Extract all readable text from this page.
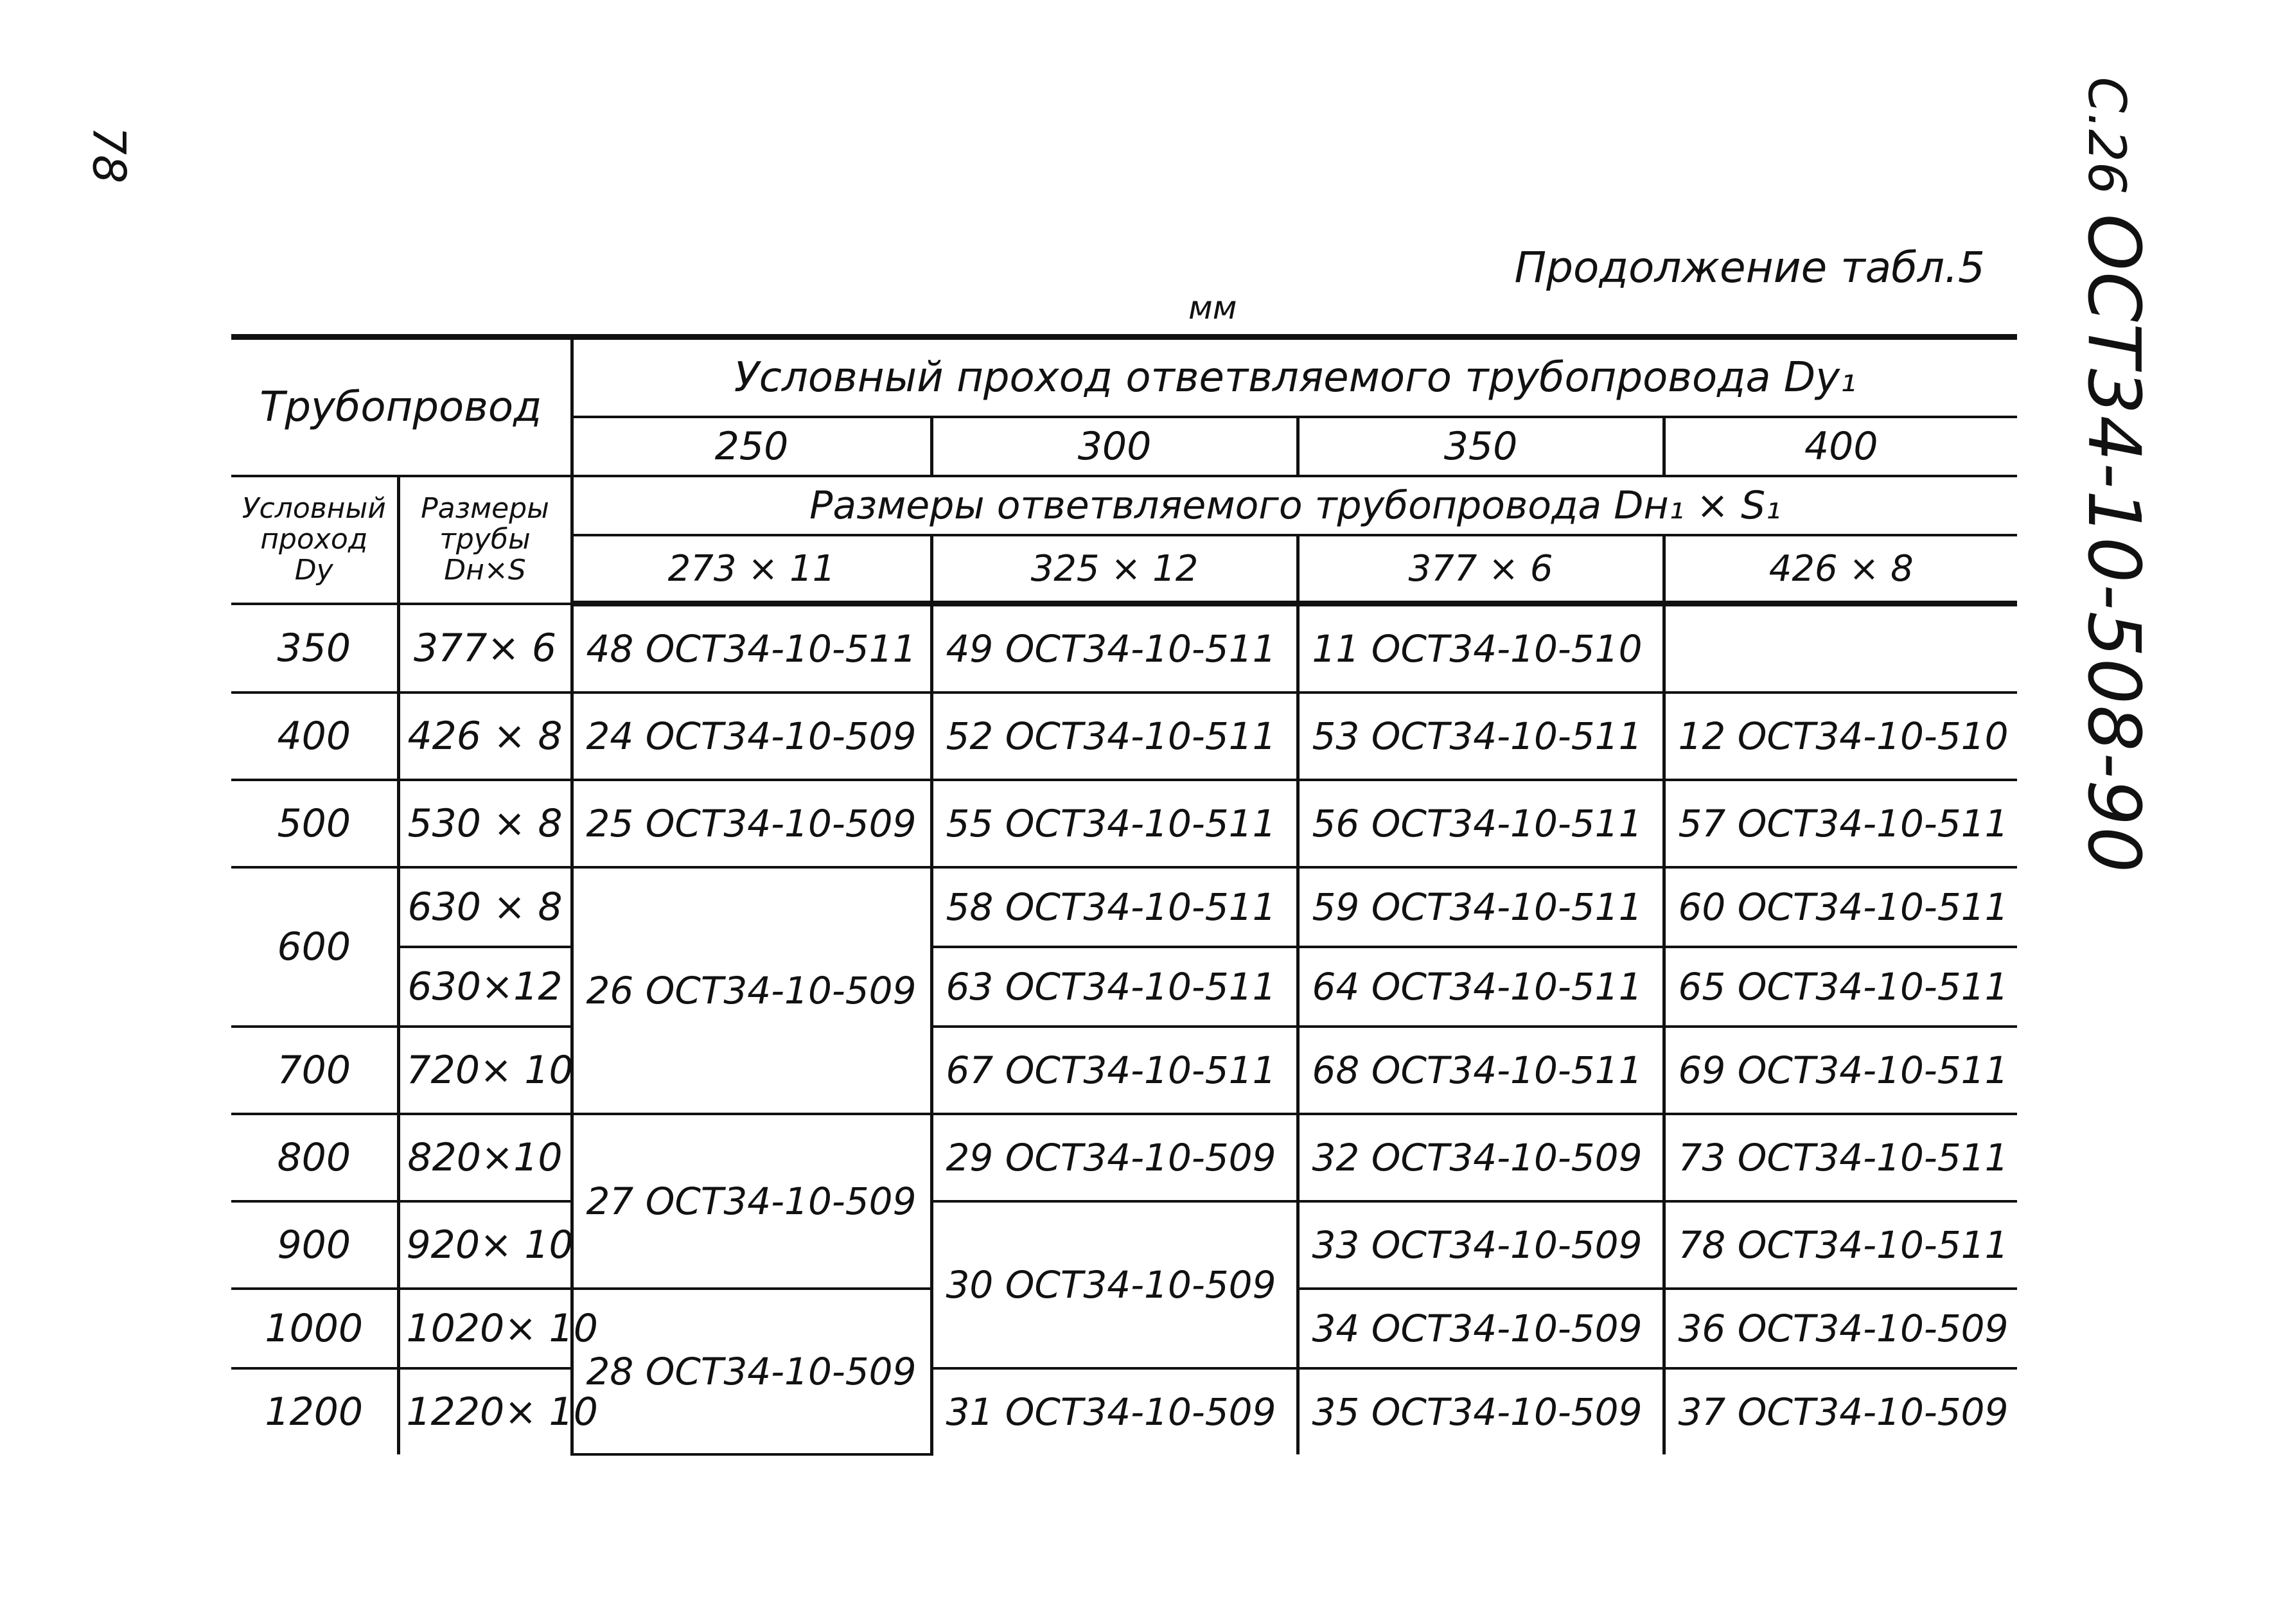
78	С.26
ОСТ34-10-508-90
Продолжение табл.5
мм
Трубопровод		Условный проход ответвляемого трубопровода Dу₁			
		250	300	350	400
Условный проход Dу	Размеры трубы Dн×S	Размеры ответвляемого трубопровода Dн₁ × S₁			
		273 × 11	325 × 12	377 × 6	426 × 8
350	377× 6	48 ОСТ34-10-511	49 ОСТ34-10-511	11 ОСТ34-10-510	
400	426 × 8	24 ОСТ34-10-509	52 ОСТ34-10-511	53 ОСТ34-10-511	12 ОСТ34-10-510
500	530 × 8	25 ОСТ34-10-509	55 ОСТ34-10-511	56 ОСТ34-10-511	57 ОСТ34-10-511
600	630 × 8	26 ОСТ34-10-509	58 ОСТ34-10-511	59 ОСТ34-10-511	60 ОСТ34-10-511
	630×12		63 ОСТ34-10-511	64 ОСТ34-10-511	65 ОСТ34-10-511
700	720× 10		67 ОСТ34-10-511	68 ОСТ34-10-511	69 ОСТ34-10-511
800	820×10	27 ОСТ34-10-509	29 ОСТ34-10-509	32 ОСТ34-10-509	73 ОСТ34-10-511
900	920× 10		30 ОСТ34-10-509	33 ОСТ34-10-509	78 ОСТ34-10-511
1000	1020× 10	28 ОСТ34-10-509		34 ОСТ34-10-509	36 ОСТ34-10-509
1200	1220× 10		31 ОСТ34-10-509	35 ОСТ34-10-509	37 ОСТ34-10-509
